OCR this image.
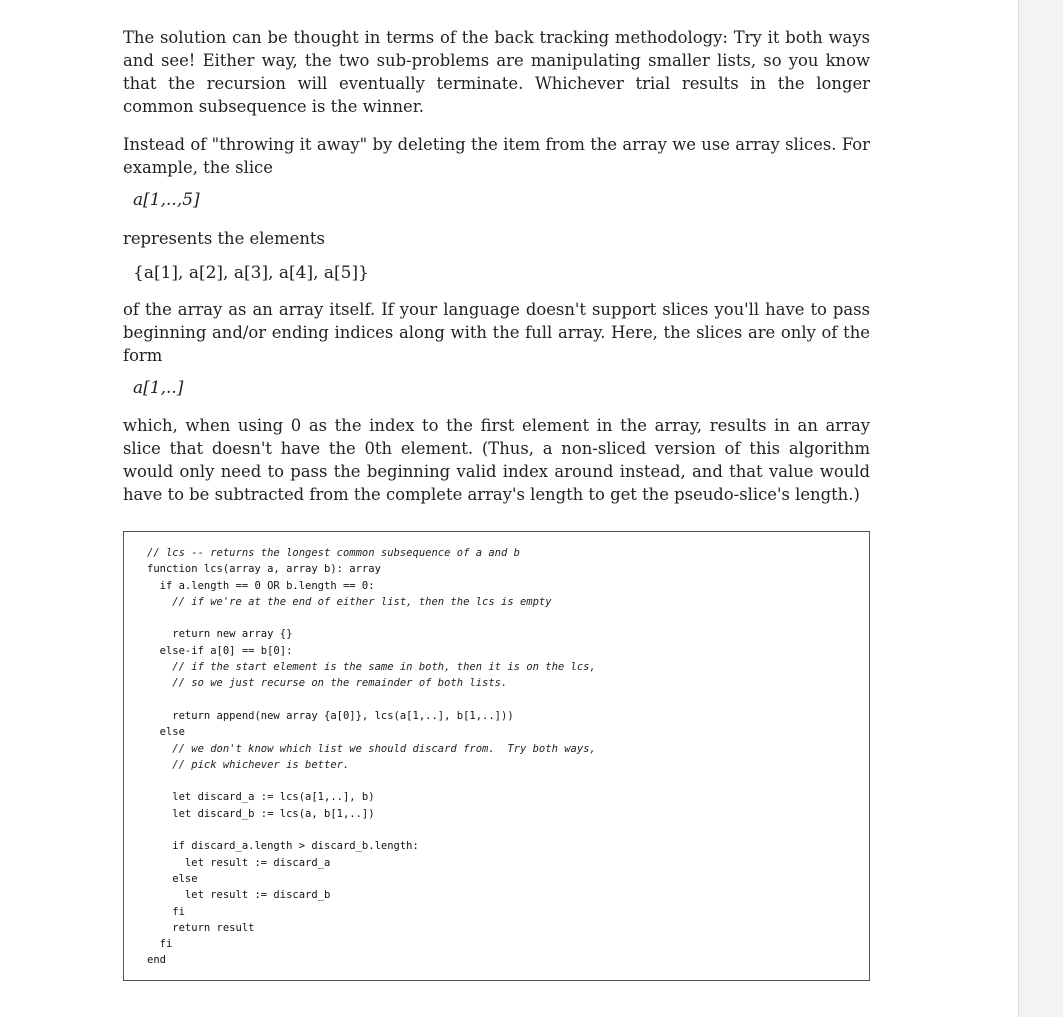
The solution can be thought in terms of the back tracking methodology: Try it both ways and see! Either way, the two sub-problems are manipulating smaller lists, so you know that the recursion will eventually terminate. Whichever trial results in the longer common subsequence is the winner.

Instead of "throwing it away" by deleting the item from the array we use array slices. For example, the slice

a[1,..,5]

represents the elements

{a[1], a[2], a[3], a[4], a[5]}

of the array as an array itself. If your language doesn't support slices you'll have to pass beginning and/or ending indices along with the full array. Here, the slices are only of the form

a[1,..]

which, when using 0 as the index to the first element in the array, results in an array slice that doesn't have the 0th element. (Thus, a non-sliced version of this algorithm would only need to pass the beginning valid index around instead, and that value would have to be subtracted from the complete array's length to get the pseudo-slice's length.)

// lcs -- returns the longest common subsequence of a and b
function lcs(array a, array b): array
if a.length == 0 OR b.length == 0:
// if we're at the end of either list, then the lcs is empty

return new array {}
else-if a[0] == b[0]:
// if the start element is the same in both, then it is on the lcs,
// so we just recurse on the remainder of both lists.

return append(new array {a[0]}, lcs(a[1,..], b[1,..]))
else
// we don't know which list we should discard from.  Try both ways,
// pick whichever is better.

let discard_a := lcs(a[1,..], b)
let discard_b := lcs(a, b[1,..])

if discard_a.length > discard_b.length:
let result := discard_a
else
let result := discard_b
fi
return result
fi
end
